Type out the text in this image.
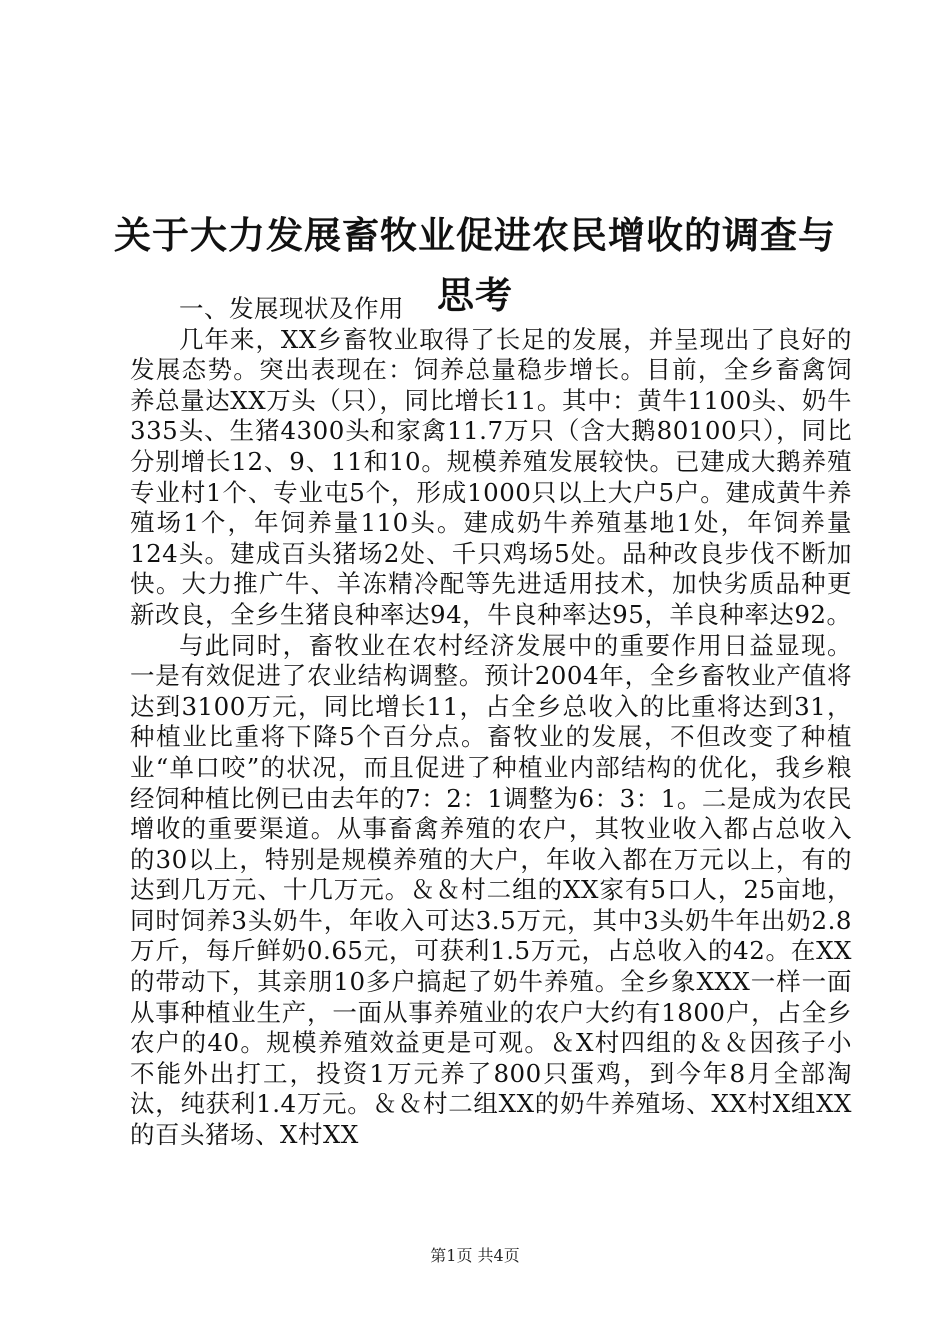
关于大力发展畜牧业促进农民增收的调查与思考

一、发展现状及作用

几年来，XX乡畜牧业取得了长足的发展，并呈现出了良好的发展态势。突出表现在：饲养总量稳步增长。目前，全乡畜禽饲养总量达XX万头（只），同比增长11。其中：黄牛1100头、奶牛335头、生猪4300头和家禽11.7万只（含大鹅80100只），同比分别增长12、9、11和10。规模养殖发展较快。已建成大鹅养殖专业村1个、专业屯5个，形成1000只以上大户5户。建成黄牛养殖场1个，年饲养量110头。建成奶牛养殖基地1处，年饲养量124头。建成百头猪场2处、千只鸡场5处。品种改良步伐不断加快。大力推广牛、羊冻精冷配等先进适用技术，加快劣质品种更新改良，全乡生猪良种率达94，牛良种率达95，羊良种率达92。

与此同时，畜牧业在农村经济发展中的重要作用日益显现。一是有效促进了农业结构调整。预计2004年，全乡畜牧业产值将达到3100万元，同比增长11，占全乡总收入的比重将达到31，种植业比重将下降5个百分点。畜牧业的发展，不但改变了种植业“单口咬”的状况，而且促进了种植业内部结构的优化，我乡粮经饲种植比例已由去年的7：2：1调整为6：3：1。二是成为农民增收的重要渠道。从事畜禽养殖的农户，其牧业收入都占总收入的30以上，特别是规模养殖的大户，年收入都在万元以上，有的达到几万元、十几万元。＆＆村二组的XX家有5口人，25亩地，同时饲养3头奶牛，年收入可达3.5万元，其中3头奶牛年出奶2.8万斤，每斤鲜奶0.65元，可获利1.5万元，占总收入的42。在XX的带动下，其亲朋10多户搞起了奶牛养殖。全乡象XXX一样一面从事种植业生产，一面从事养殖业的农户大约有1800户，占全乡农户的40。规模养殖效益更是可观。＆X村四组的＆＆因孩子小不能外出打工，投资1万元养了800只蛋鸡，到今年8月全部淘汰，纯获利1.4万元。＆＆村二组XX的奶牛养殖场、XX村X组XX的百头猪场、X村XX

第1页 共4页
